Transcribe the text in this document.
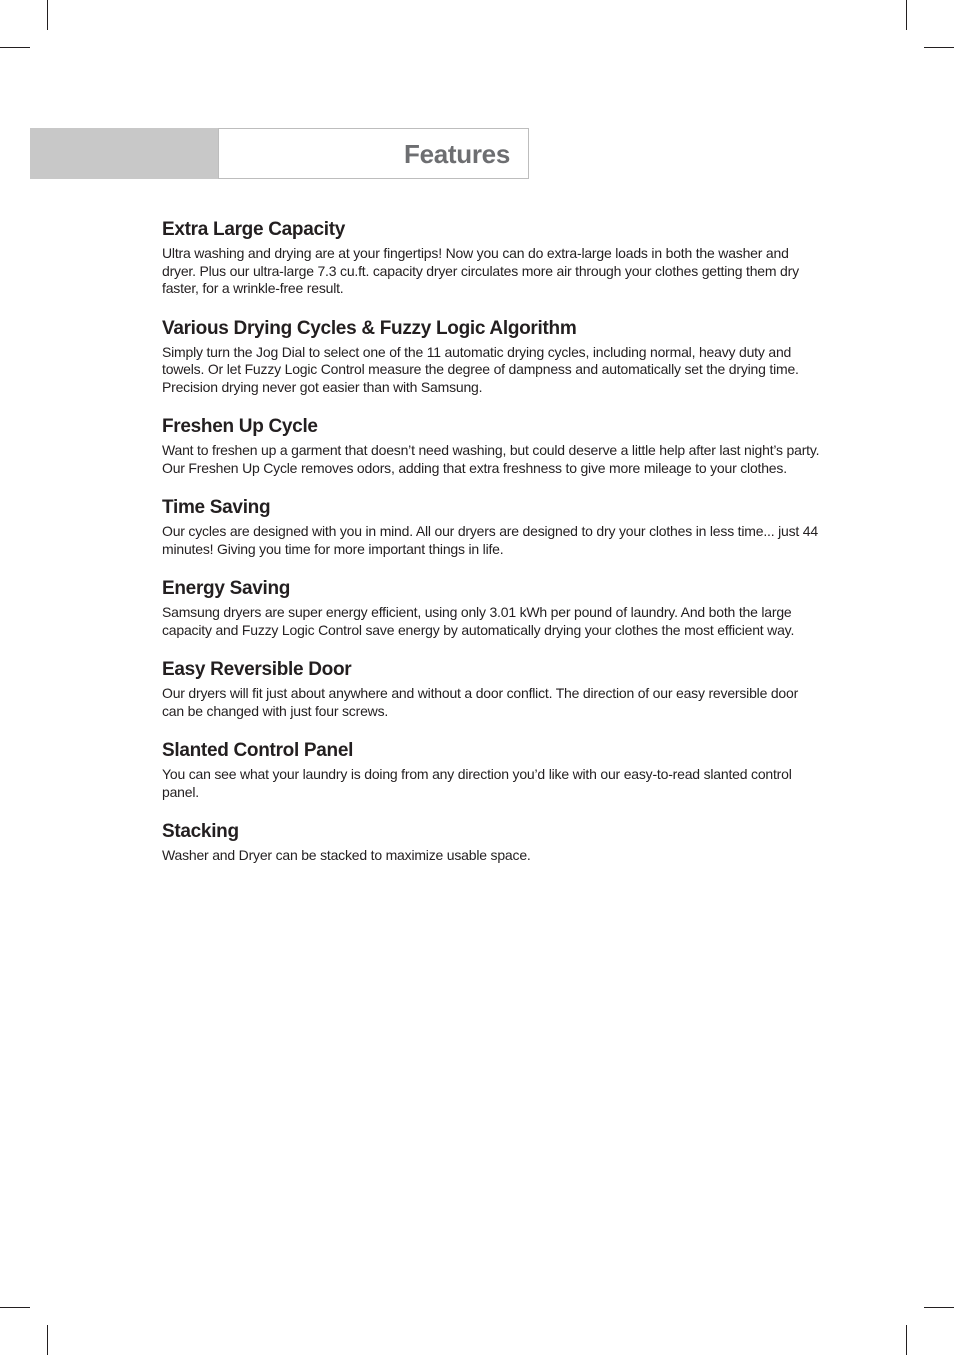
Features
Extra Large Capacity

Ultra washing and drying are at your fingertips! Now you can do extra-large loads in both the washer and dryer. Plus our ultra-large 7.3 cu.ft. capacity dryer circulates more air through your clothes getting them dry faster, for a wrinkle-free result.

Various Drying Cycles & Fuzzy Logic Algorithm

Simply turn the Jog Dial to select one of the 11 automatic drying cycles, including normal, heavy duty and towels. Or let Fuzzy Logic Control measure the degree of dampness and automatically set the drying time. Precision drying never got easier than with Samsung.

Freshen Up Cycle

Want to freshen up a garment that doesn’t need washing, but could deserve a little help after last night’s party. Our Freshen Up Cycle removes odors, adding that extra freshness to give more mileage to your clothes.

Time Saving

Our cycles are designed with you in mind. All our dryers are designed to dry your clothes in less time... just 44 minutes! Giving you time for more important things in life.

Energy Saving

Samsung dryers are super energy efficient, using only 3.01 kWh per pound of laundry. And both the large capacity and Fuzzy Logic Control save energy by automatically drying your clothes the most efficient way.

Easy Reversible Door

Our dryers will fit just about anywhere and without a door conflict. The direction of our easy reversible door can be changed with just four screws.

Slanted Control Panel

You can see what your laundry is doing from any direction you’d like with our easy-to-read slanted control panel.

Stacking

Washer and Dryer can be stacked to maximize usable space.
